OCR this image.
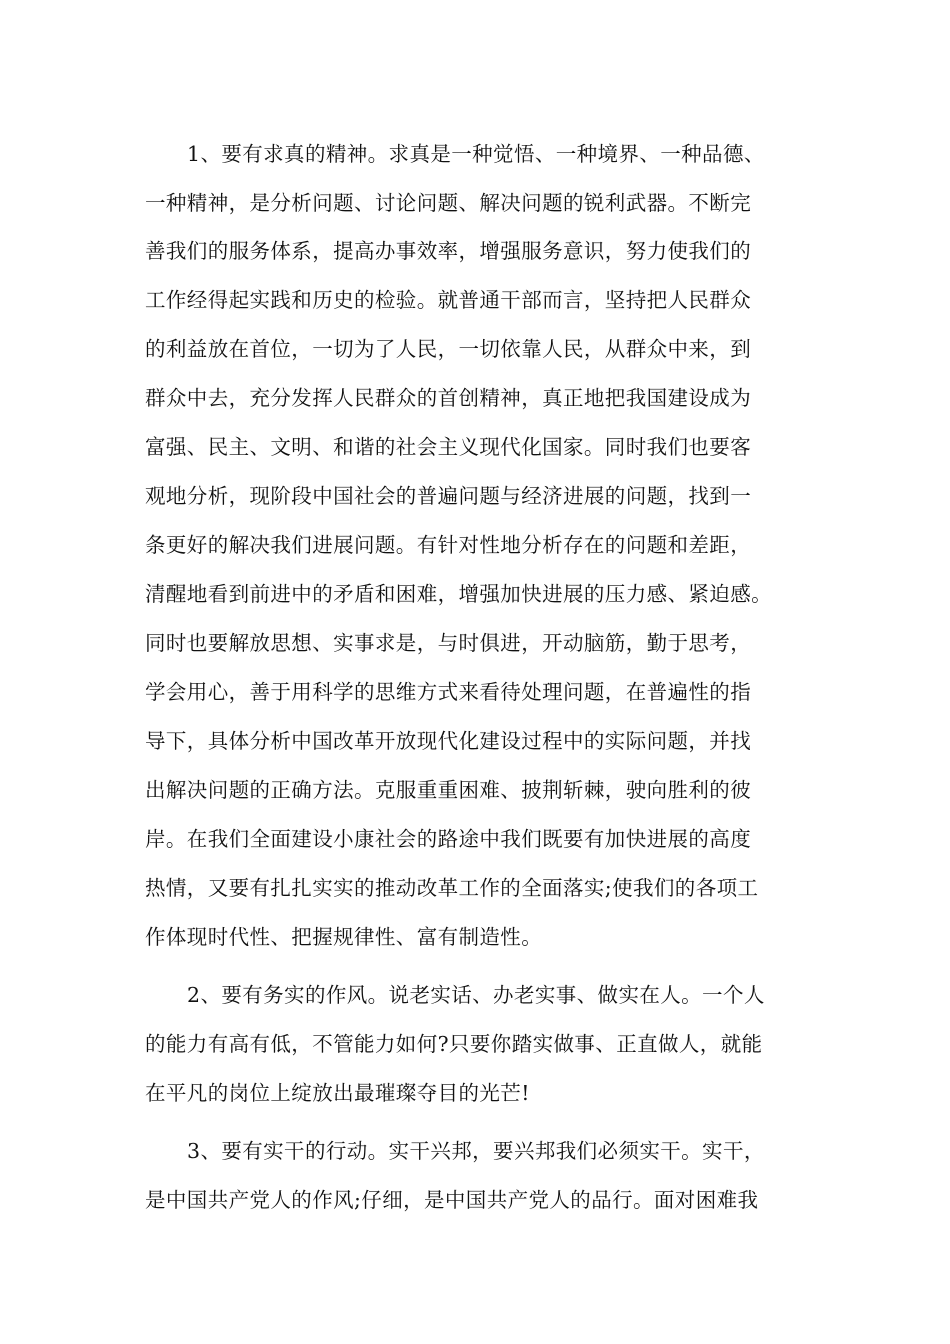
1、要有求真的精神。求真是一种觉悟、一种境界、一种品德、
一种精神，是分析问题、讨论问题、解决问题的锐利武器。不断完
善我们的服务体系，提高办事效率，增强服务意识，努力使我们的
工作经得起实践和历史的检验。就普通干部而言，坚持把人民群众
的利益放在首位，一切为了人民，一切依靠人民，从群众中来，到
群众中去，充分发挥人民群众的首创精神，真正地把我国建设成为
富强、民主、文明、和谐的社会主义现代化国家。同时我们也要客
观地分析，现阶段中国社会的普遍问题与经济进展的问题，找到一
条更好的解决我们进展问题。有针对性地分析存在的问题和差距，
清醒地看到前进中的矛盾和困难，增强加快进展的压力感、紧迫感。
同时也要解放思想、实事求是，与时俱进，开动脑筋，勤于思考，
学会用心，善于用科学的思维方式来看待处理问题，在普遍性的指
导下，具体分析中国改革开放现代化建设过程中的实际问题，并找
出解决问题的正确方法。克服重重困难、披荆斩棘，驶向胜利的彼
岸。在我们全面建设小康社会的路途中我们既要有加快进展的高度
热情，又要有扎扎实实的推动改革工作的全面落实;使我们的各项工
作体现时代性、把握规律性、富有制造性。
2、要有务实的作风。说老实话、办老实事、做实在人。一个人
的能力有高有低，不管能力如何?只要你踏实做事、正直做人，就能
在平凡的岗位上绽放出最璀璨夺目的光芒!
3、要有实干的行动。实干兴邦，要兴邦我们必须实干。实干，
是中国共产党人的作风;仔细，是中国共产党人的品行。面对困难我
